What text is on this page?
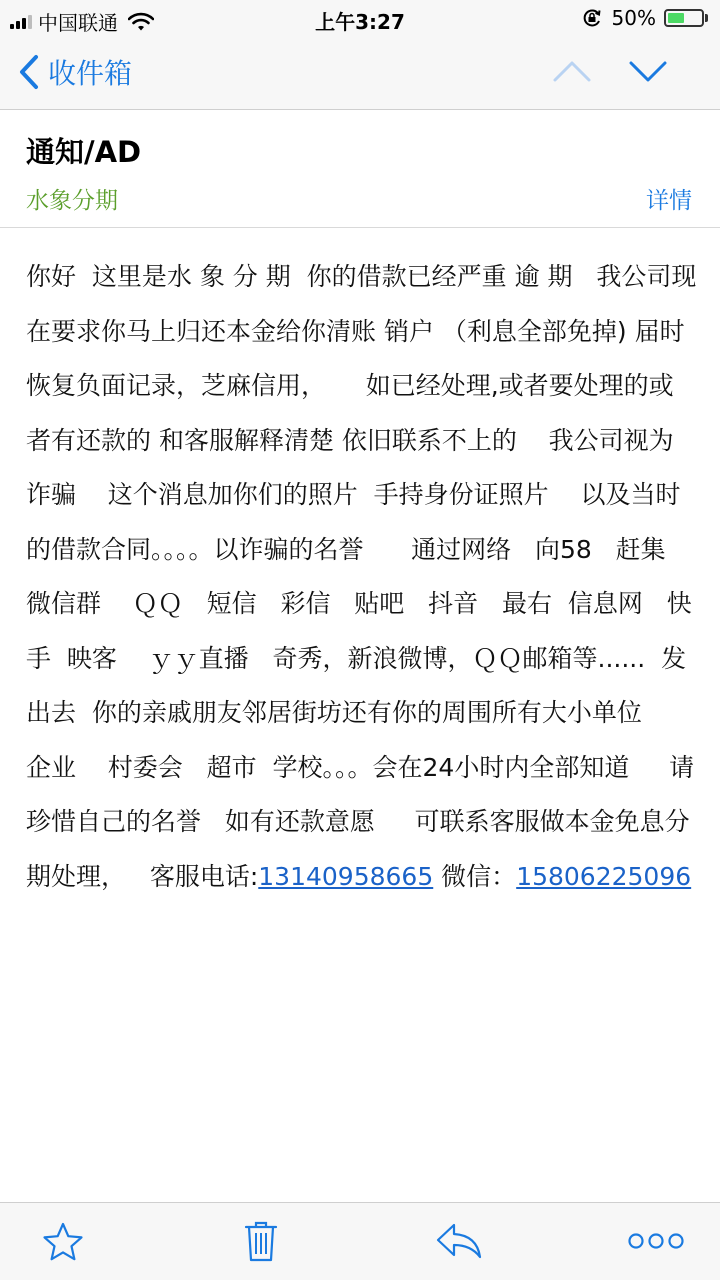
中国联通	上午3:27	50%
收件箱
通知/AD
水象分期	详情
你好  这里是水 象 分 期  你的借款已经严重 逾 期   我公司现在要求你马上归还本金给你清账 销户 （利息全部免掉) 届时恢复负面记录，芝麻信用，     如已经处理,或者要处理的或者有还款的 和客服解释清楚 依旧联系不上的    我公司视为诈骗    这个消息加你们的照片  手持身份证照片    以及当时的借款合同。。。。以诈骗的名誉      通过网络   向58   赶集  微信群    ＱＱ   短信   彩信   贴吧   抖音   最右  信息网   快手  映客    ｙｙ直播   奇秀，新浪微博，ＱＱ邮箱等......  发出去  你的亲戚朋友邻居街坊还有你的周围所有大小单位     企业    村委会   超市  学校。。。会在24小时内全部知道     请珍惜自己的名誉   如有还款意愿     可联系客服做本金免息分期处理，   客服电话:13140958665 微信：15806225096
